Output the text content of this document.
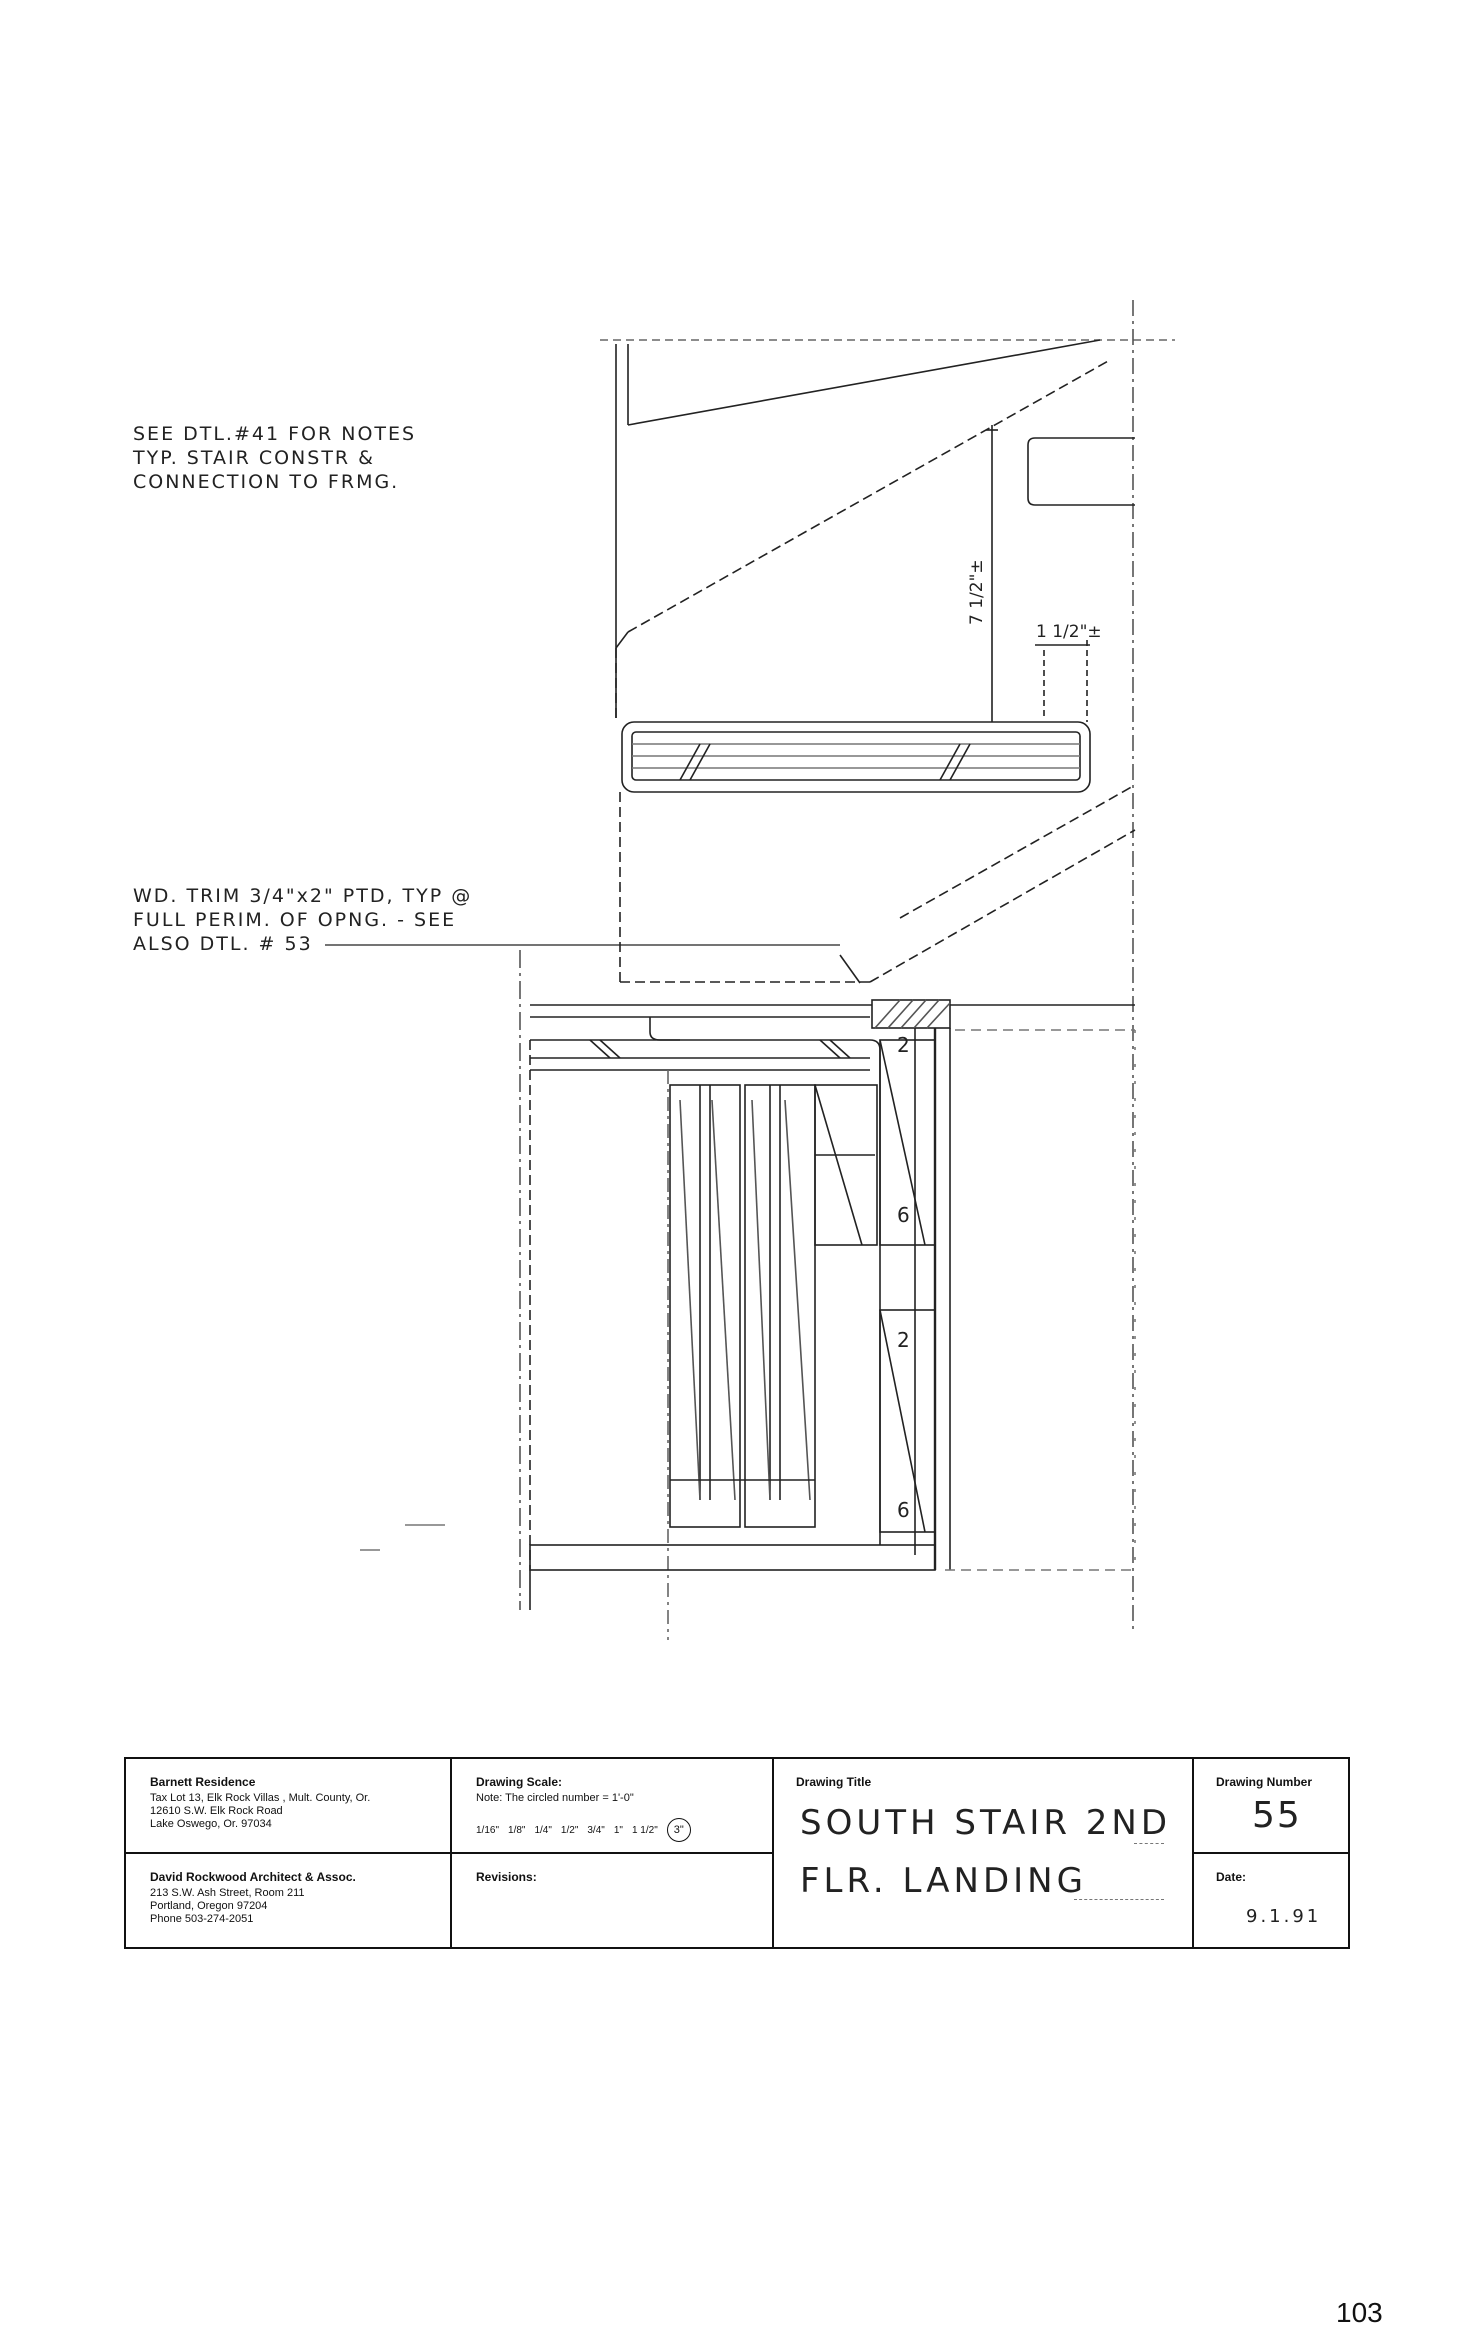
SEE DTL.#41 FOR NOTES
TYP. STAIR CONSTR &
CONNECTION TO FRMG.
WD. TRIM 3/4"x2" PTD, TYP @
FULL PERIM. OF OPNG. - SEE
ALSO DTL. # 53
7 1/2"±
1 1/2"±
2
6
2
6

Barnett Residence

Tax Lot 13, Elk Rock Villas , Mult. County, Or.

12610 S.W. Elk Rock Road

Lake Oswego, Or. 97034

David Rockwood Architect & Assoc.

213 S.W. Ash Street, Room 211

Portland, Oregon 97204

Phone 503-274-2051

Drawing Scale:

Note: The circled number = 1'-0"

1/16" 1/8" 1/4" 1/2" 3/4" 1" 1 1/2"	3"

Revisions:

Drawing Title

SOUTH STAIR 2ND
FLR. LANDING

Drawing Number

55

Date:

9.1.91
103
